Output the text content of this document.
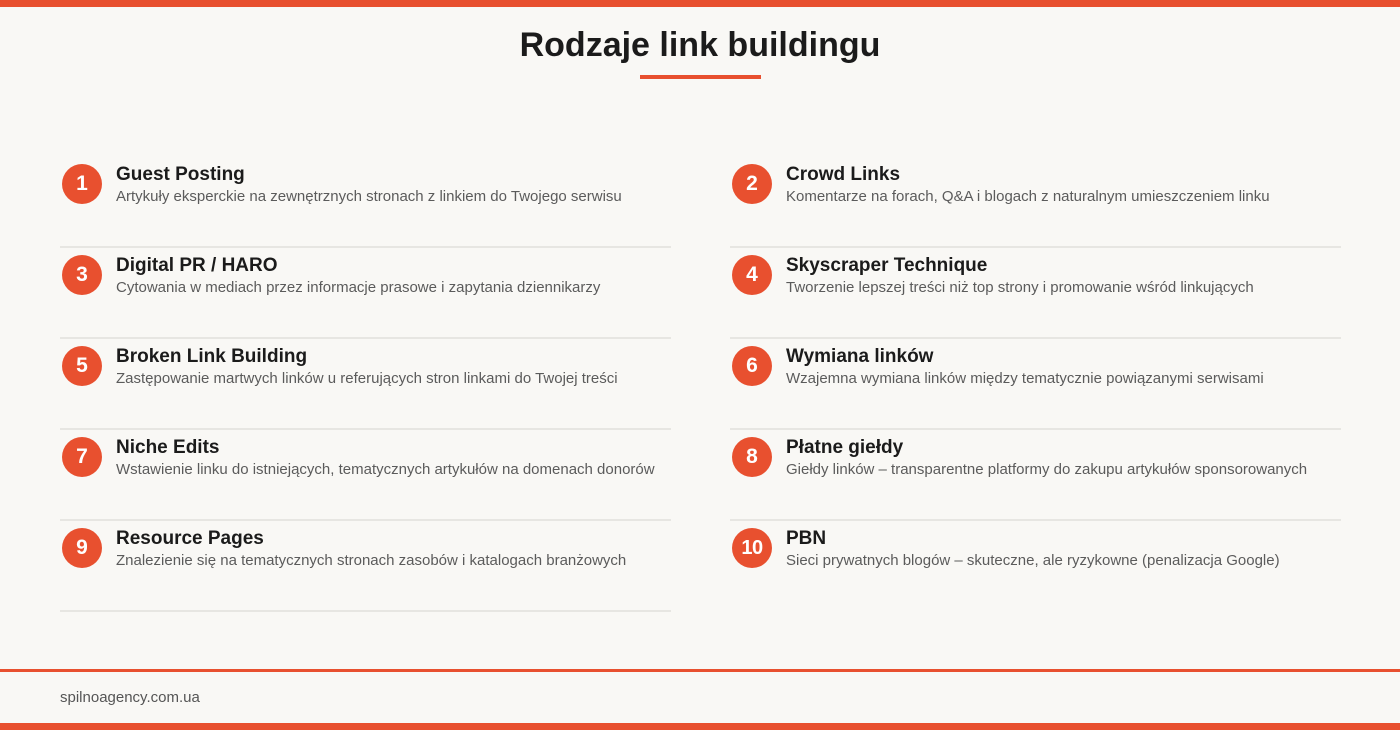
Rodzaje link buildingu
1	Guest Posting
Artykuły eksperckie na zewnętrznych stronach z linkiem do Twojego serwisu
2	Crowd Links
Komentarze na forach, Q&A i blogach z naturalnym umieszczeniem linku
3	Digital PR / HARO
Cytowania w mediach przez informacje prasowe i zapytania dziennikarzy
4	Skyscraper Technique
Tworzenie lepszej treści niż top strony i promowanie wśród linkujących
5	Broken Link Building
Zastępowanie martwych linków u referujących stron linkami do Twojej treści
6	Wymiana linków
Wzajemna wymiana linków między tematycznie powiązanymi serwisami
7	Niche Edits
Wstawienie linku do istniejących, tematycznych artykułów na domenach donorów
8	Płatne giełdy
Giełdy linków – transparentne platformy do zakupu artykułów sponsorowanych
9	Resource Pages
Znalezienie się na tematycznych stronach zasobów i katalogach branżowych
10	PBN
Sieci prywatnych blogów – skuteczne, ale ryzykowne (penalizacja Google)
spilnoagency.com.ua
